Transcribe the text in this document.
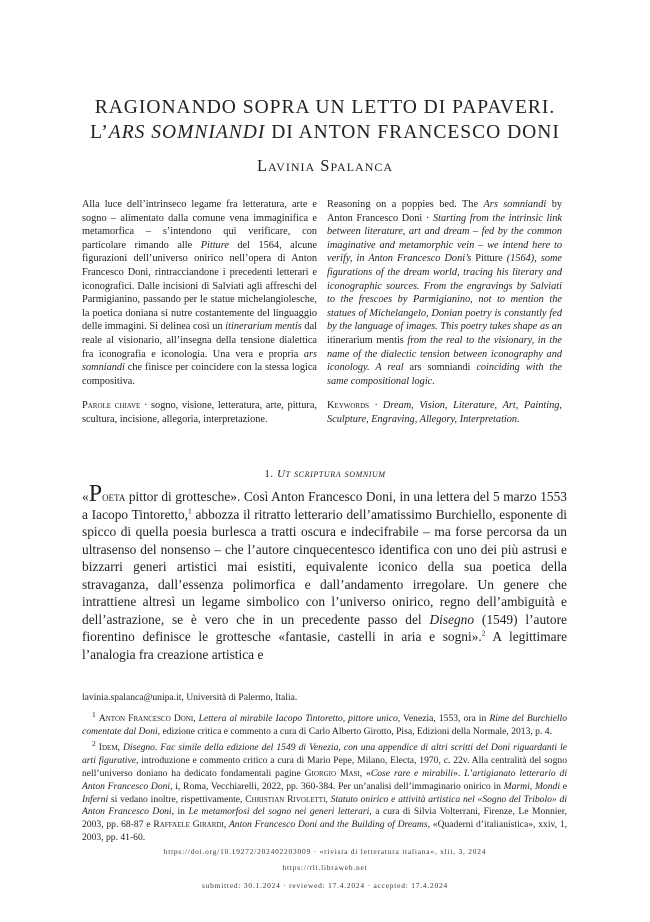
RAGIONANDO SOPRA UN LETTO DI PAPAVERI.
L’ARS SOMNIANDI DI ANTON FRANCESCO DONI
Lavinia Spalanca

Alla luce dell’intrinseco legame fra letteratura, arte e sogno – alimentato dalla comune vena immaginifica e metamorfica – s’intendono qui verificare, con particolare rimando alle Pitture del 1564, alcune figurazioni dell’universo onirico nell’opera di Anton Francesco Doni, rintracciandone i precedenti letterari e iconografici. Dalle incisioni di Salviati agli affreschi del Parmigianino, passando per le statue michelangiolesche, la poetica doniana si nutre costantemente del linguaggio delle immagini. Si delinea così un itinerarium mentis dal reale al visionario, all’insegna della tensione dialettica fra iconografia e iconologia. Una vera e propria ars somniandi che finisce per coincidere con la stessa logica compositiva.

Parole chiave · sogno, visione, letteratura, arte, pittura, scultura, incisione, allegoria, interpretazione.

Reasoning on a poppies bed. The Ars somniandi by Anton Francesco Doni · Starting from the intrinsic link between literature, art and dream – fed by the common imaginative and metamorphic vein – we intend here to verify, in Anton Francesco Doni’s Pitture (1564), some figurations of the dream world, tracing his literary and iconographic sources. From the engravings by Salviati to the frescoes by Parmigianino, not to mention the statues of Michelangelo, Donian poetry is constantly fed by the language of images. This poetry takes shape as an itinerarium mentis from the real to the visionary, in the name of the dialectic tension between iconography and iconology. A real ars somniandi coinciding with the same compositional logic.

Keywords · Dream, Vision, Literature, Art, Painting, Sculpture, Engraving, Allegory, Interpretation.

1. Ut scriptura somnium

«Poeta pittor di grottesche». Così Anton Francesco Doni, in una lettera del 5 marzo 1553 a Iacopo Tintoretto,$^1$ abbozza il ritratto letterario dell’amatissimo Burchiello, esponente di spicco di quella poesia burlesca a tratti oscura e indecifrabile – ma forse percorsa da un ultrasenso del nonsenso – che l’autore cinquecentesco identifica con uno dei più astrusi e bizzarri generi artistici mai esistiti, equivalente iconico della sua poetica della stravaganza, dall’essenza polimorfica e dall’andamento irregolare. Un genere che intrattiene altresì un legame simbolico con l’universo onirico, regno dell’ambiguità e dell’astrazione, se è vero che in un precedente passo del Disegno (1549) l’autore fiorentino definisce le grottesche «fantasie, castelli in aria e sogni».$^2$ A legittimare l’analogia fra creazione artistica e

lavinia.spalanca@unipa.it, Università di Palermo, Italia.

$^1$ Anton Francesco Doni, Lettera al mirabile Iacopo Tintoretto, pittore unico, Venezia, 1553, ora in Rime del Burchiello comentate dal Doni, edizione critica e commento a cura di Carlo Alberto Girotto, Pisa, Edizioni della Normale, 2013, p. 4.

$^2$ Idem, Disegno. Fac simile della edizione del 1549 di Venezia, con una appendice di altri scritti del Doni riguardanti le arti figurative, introduzione e commento critico a cura di Mario Pepe, Milano, Electa, 1970, c. 22v. Alla centralità del sogno nell’universo doniano ha dedicato fondamentali pagine Giorgio Masi, «Cose rare e mirabili». L’artigianato letterario di Anton Francesco Doni, i, Roma, Vecchiarelli, 2022, pp. 360-384. Per un’analisi dell’immaginario onirico in Marmi, Mondi e Inferni si vedano inoltre, rispettivamente, Christian Rivoletti, Statuto onirico e attività artistica nel «Sogno del Tribolo» di Anton Francesco Doni, in Le metamorfosi del sogno nei generi letterari, a cura di Silvia Volterrani, Firenze, Le Monnier, 2003, pp. 68-87 e Raffaele Girardi, Anton Francesco Doni and the Building of Dreams, «Quaderni d’italianistica», xxiv, 1, 2003, pp. 41-60.

https://doi.org/10.19272/202402203009 · «rivista di letteratura italiana», xlii, 3, 2024
https://rli.libraweb.net
submitted: 30.1.2024 · reviewed: 17.4.2024 · accepted: 17.4.2024
